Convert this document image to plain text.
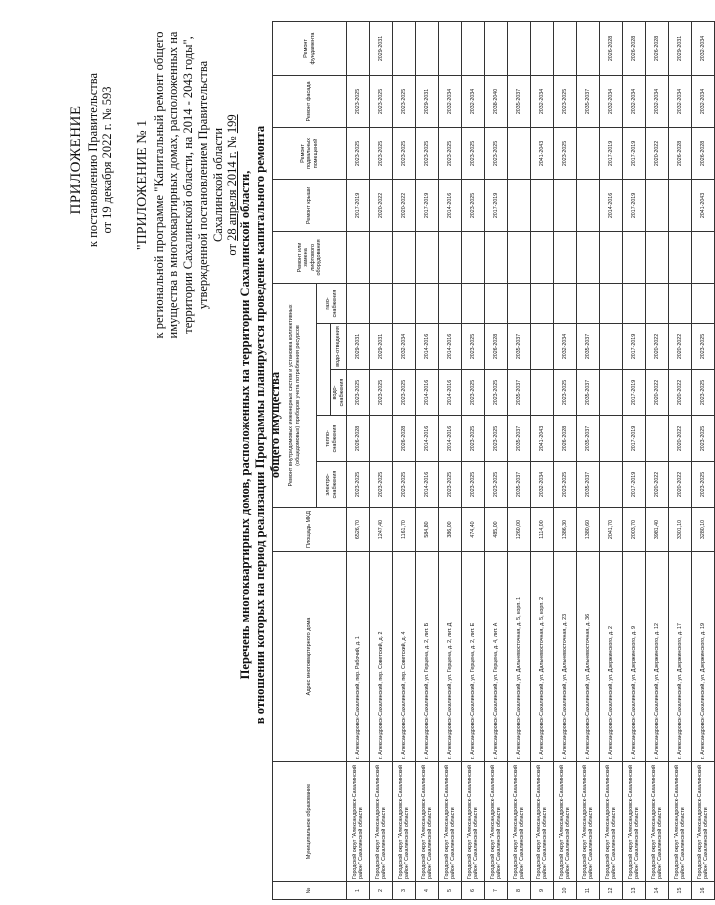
ПРИЛОЖЕНИЕ к постановлению Правительства от 19 декабря 2022 г. № 593 "ПРИЛОЖЕНИЕ № 1 к региональной программе "Капитальный ремонт общего имущества в многоквартирных домах, расположенных на территории Сахалинской области, на 2014 - 2043 годы", утвержденной постановлением Правительства Сахалинской области
от 28 апреля 2014 г. № 199
Перечень многоквартирных домов, расположенных на территории Сахалинской области, в отношении которых на период реализации Программы планируется проведение капитального ремонта общего имущества
№	Муниципальное образование	Адрес многоквартирного дома	Площадь МКД	Ремонт внутридомовых инженерных систем и установка коллективных (общедомовых) приборов учета потребления ресурсов					Ремонт или замена лифтового оборудования	Ремонт крыши	Ремонт подвальных помещений	Ремонт фасада	Ремонт фундамента
				электро-снабжения	тепло-снабжения			газо-снабжения					
						водо-снабжения	водо-отведения						
1	Городской округ "Александровск-Сахалинский район" Сахалинской области	г. Александровск-Сахалинский, пер. Рабочий, д. 1	6526,70	2023-2025	2026-2028	2023-2025	2029-2031			2017-2019	2023-2025	2023-2025	
2	Городской округ "Александровск-Сахалинский район" Сахалинской области	г. Александровск-Сахалинский, пер. Советский, д. 2	1247,40	2023-2025		2023-2025	2029-2031			2020-2022	2023-2025	2023-2025	2029-2031
3	Городской округ "Александровск-Сахалинский район" Сахалинской области	г. Александровск-Сахалинский, пер. Советский, д. 4	1161,70	2023-2025	2026-2028	2023-2025	2032-2034			2020-2022	2023-2025	2023-2025	
4	Городской округ "Александровск-Сахалинский район" Сахалинской области	г. Александровск-Сахалинский, ул. Герцена, д. 2, лит. Б	584,80	2014-2016	2014-2016	2014-2016	2014-2016			2017-2019	2023-2025	2029-2031	
5	Городской округ "Александровск-Сахалинский район" Сахалинской области	г. Александровск-Сахалинский, ул. Герцена, д. 2, лит. Д	386,00	2023-2025	2014-2016	2014-2016	2014-2016			2014-2016	2023-2025	2032-2034	
6	Городской округ "Александровск-Сахалинский район" Сахалинской области	г. Александровск-Сахалинский, ул. Герцена, д. 2, лит. Е	474,40	2023-2025	2023-2025	2023-2025	2023-2025			2023-2025	2023-2025	2032-2034	
7	Городской округ "Александровск-Сахалинский район" Сахалинской области	г. Александровск-Сахалинский, ул. Герцена, д. 4, лит. А	485,00	2023-2025	2023-2025	2023-2025	2026-2028			2017-2019	2023-2025	2038-2040	
8	Городской округ "Александровск-Сахалинский район" Сахалинской области	г. Александровск-Сахалинский, ул. Дальневосточная, д. 5, корп. 1	1260,00	2035-2037	2035-2037	2035-2037	2035-2037					2035-2037	
9	Городской округ "Александровск-Сахалинский район" Сахалинской области	г. Александровск-Сахалинский, ул. Дальневосточная, д. 5, корп. 2	1114,00	2032-2034	2041-2043						2041-2043	2032-2034	
10	Городской округ "Александровск-Сахалинский район" Сахалинской области	г. Александровск-Сахалинский, ул. Дальневосточная, д. 23	1386,30	2023-2025	2026-2028	2023-2025	2032-2034				2023-2025	2023-2025	
11	Городской округ "Александровск-Сахалинский район" Сахалинской области	г. Александровск-Сахалинский, ул. Дальневосточная, д. 36	1380,60	2035-2037	2035-2037	2035-2037	2035-2037					2035-2037	
12	Городской округ "Александровск-Сахалинский район" Сахалинской области	г. Александровск-Сахалинский, ул. Дзержинского, д. 2	2041,70							2014-2016	2017-2019	2032-2034	2026-2028
13	Городской округ "Александровск-Сахалинский район" Сахалинской области	г. Александровск-Сахалинский, ул. Дзержинского, д. 9	2003,70	2017-2019	2017-2019	2017-2019	2017-2019			2017-2019	2017-2019	2032-2034	2026-2028
14	Городской округ "Александровск-Сахалинский район" Сахалинской области	г. Александровск-Сахалинский, ул. Дзержинского, д. 12	3981,40	2020-2022		2020-2022	2020-2022				2020-2022	2032-2034	2026-2028
15	Городской округ "Александровск-Сахалинский район" Сахалинской области	г. Александровск-Сахалинский, ул. Дзержинского, д. 17	3301,10	2020-2022	2020-2022	2020-2022	2020-2022				2026-2028	2032-2034	2029-2031
16	Городской округ "Александровск-Сахалинский район" Сахалинской области	г. Александровск-Сахалинский, ул. Дзержинского, д. 19	3280,10	2023-2025	2023-2025	2023-2025	2023-2025			2041-2043	2026-2028	2032-2034	2032-2034
